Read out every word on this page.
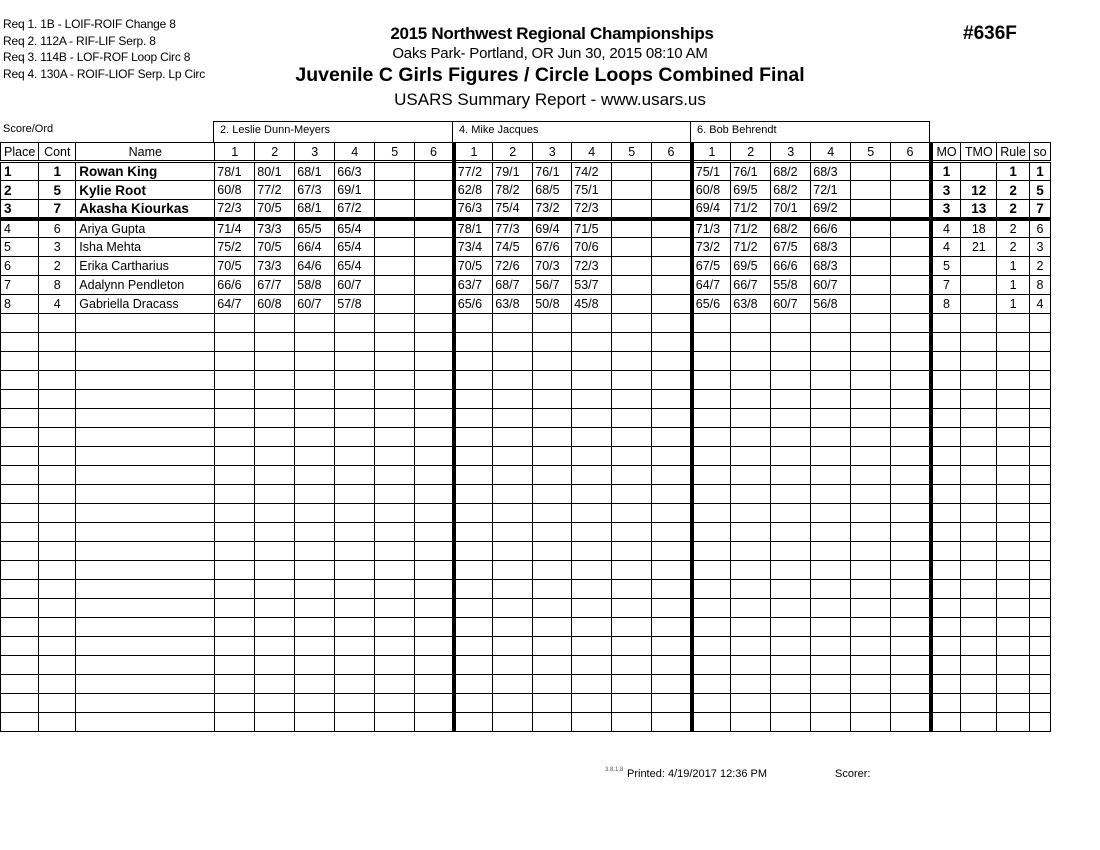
Req 1. 1B - LOIF-ROIF Change 8
Req 2. 112A - RIF-LIF Serp. 8
Req 3. 114B - LOF-ROF Loop Circ 8
Req 4. 130A - ROIF-LIOF Serp. Lp Circ
2015 Northwest Regional Championships
Oaks Park- Portland, OR Jun 30, 2015 08:10 AM
Juvenile C Girls Figures / Circle Loops Combined Final
USARS Summary Report - www.usars.us
#636F
Score/Ord	2. Leslie Dunn-Meyers	4. Mike Jacques	6. Bob Behrendt
Place	Cont	Name	1	2	3	4	5	6	1	2	3	4	5	6	1	2	3	4	5	6	MO	TMO	Rule	so
1	1	Rowan King	78/1	80/1	68/1	66/3			77/2	79/1	76/1	74/2			75/1	76/1	68/2	68/3			1		1	1
2	5	Kylie Root	60/8	77/2	67/3	69/1			62/8	78/2	68/5	75/1			60/8	69/5	68/2	72/1			3	12	2	5
3	7	Akasha Kiourkas	72/3	70/5	68/1	67/2			76/3	75/4	73/2	72/3			69/4	71/2	70/1	69/2			3	13	2	7
4	6	Ariya Gupta	71/4	73/3	65/5	65/4			78/1	77/3	69/4	71/5			71/3	71/2	68/2	66/6			4	18	2	6
5	3	Isha Mehta	75/2	70/5	66/4	65/4			73/4	74/5	67/6	70/6			73/2	71/2	67/5	68/3			4	21	2	3
6	2	Erika Cartharius	70/5	73/3	64/6	65/4			70/5	72/6	70/3	72/3			67/5	69/5	66/6	68/3			5		1	2
7	8	Adalynn Pendleton	66/6	67/7	58/8	60/7			63/7	68/7	56/7	53/7			64/7	66/7	55/8	60/7			7		1	8
8	4	Gabriella Dracass	64/7	60/8	60/7	57/8			65/6	63/8	50/8	45/8			65/6	63/8	60/7	56/8			8		1	4

3.8.1.8 Printed: 4/19/2017 12:36 PM	Scorer:
